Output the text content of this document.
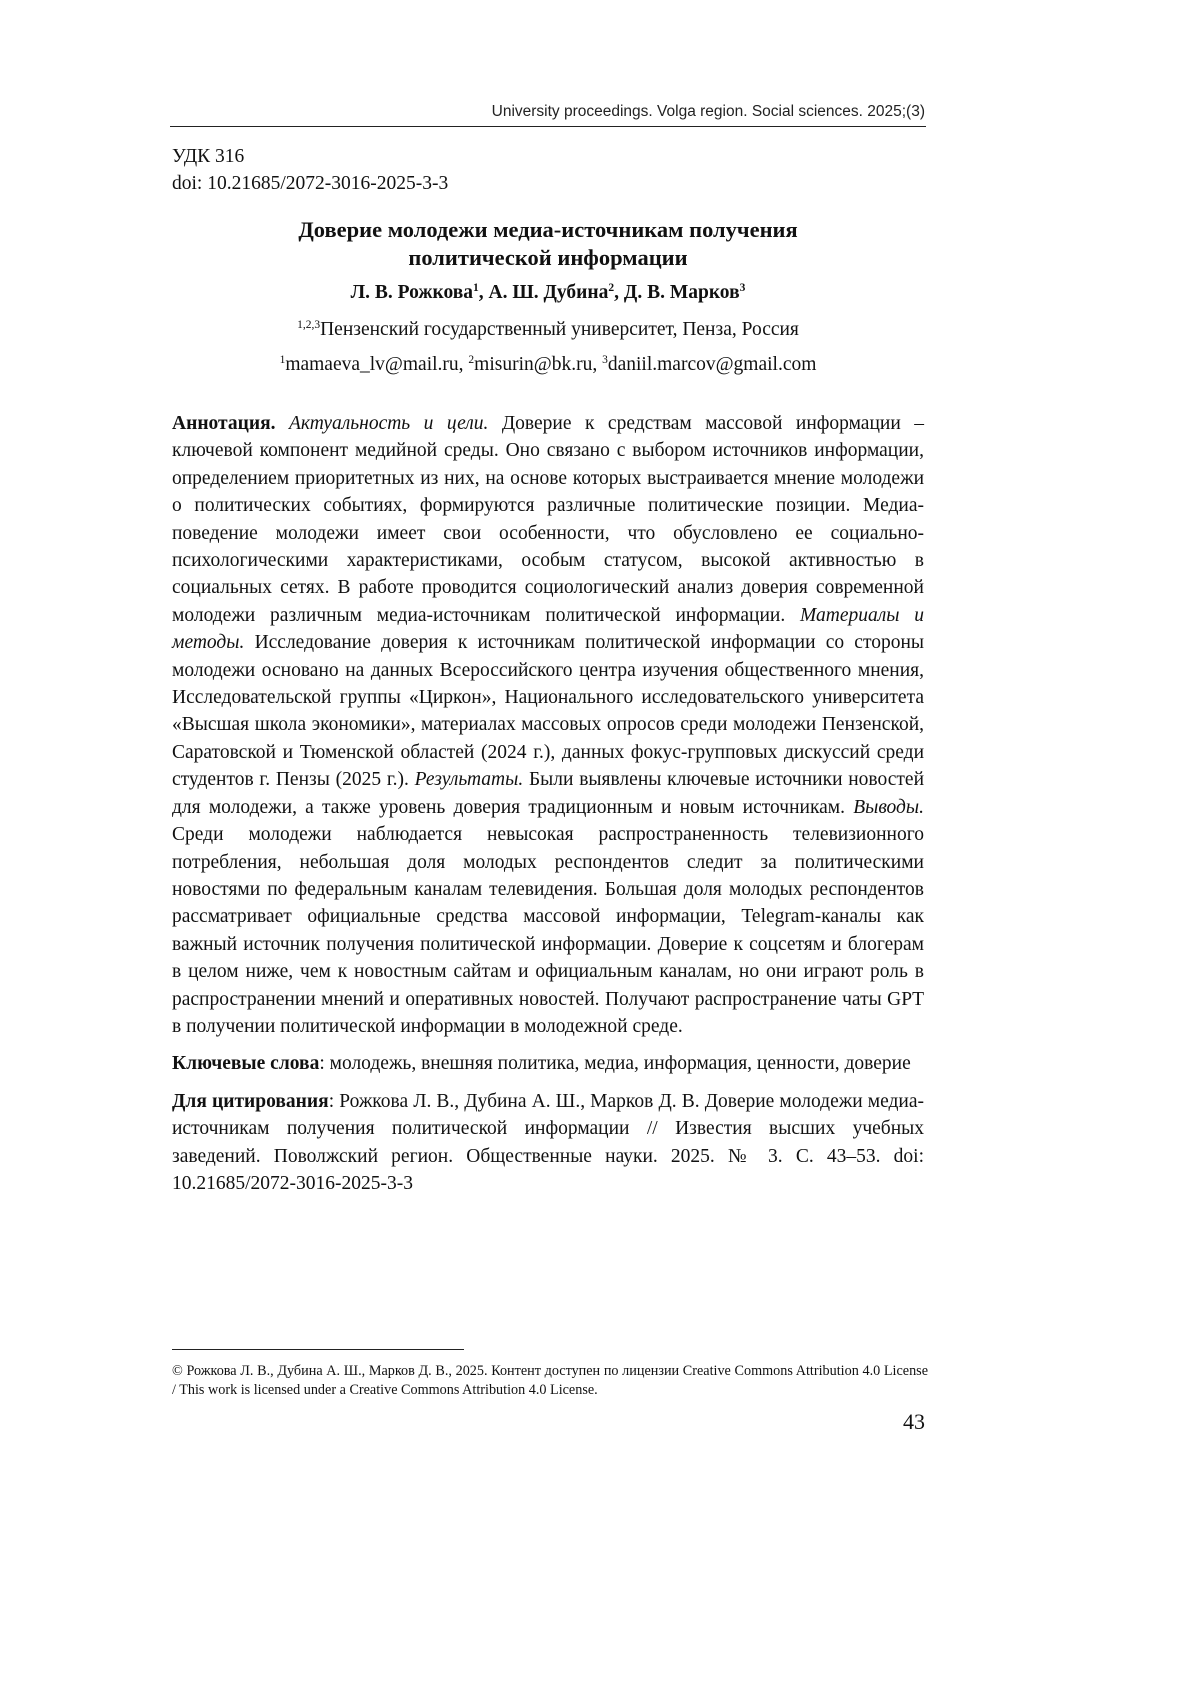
University proceedings. Volga region. Social sciences. 2025;(3)
УДК 316
doi: 10.21685/2072-3016-2025-3-3
Доверие молодежи медиа-источникам получения
политической информации
Л. В. Рожкова$^1$, А. Ш. Дубина$^2$, Д. В. Марков$^3$
$^{1,2,3}$Пензенский государственный университет, Пенза, Россия
$^1$mamaeva_lv@mail.ru, $^2$misurin@bk.ru, $^3$daniil.marcov@gmail.com

Аннотация. Актуальность и цели. Доверие к средствам массовой информации – ключевой компонент медийной среды. Оно связано с выбором источников информации, определением приоритетных из них, на основе которых выстраивается мнение молодежи о политических событиях, формируются различные политические позиции. Медиа-поведение молодежи имеет свои особенности, что обусловлено ее социально-психологическими характеристиками, особым статусом, высокой активностью в социальных сетях. В работе проводится социологический анализ доверия современной молодежи различным медиа-источникам политической информации. Материалы и методы. Исследование доверия к источникам политической информации со стороны молодежи основано на данных Всероссийского центра изучения общественного мнения, Исследовательской группы «Циркон», Национального исследовательского университета «Высшая школа экономики», материалах массовых опросов среди молодежи Пензенской, Саратовской и Тюменской областей (2024 г.), данных фокус-групповых дискуссий среди студентов г. Пензы (2025 г.). Результаты. Были выявлены ключевые источники новостей для молодежи, а также уровень доверия традиционным и новым источникам. Выводы. Среди молодежи наблюдается невысокая распространенность телевизионного потребления, небольшая доля молодых респондентов следит за политическими новостями по федеральным каналам телевидения. Большая доля молодых респондентов рассматривает официальные средства массовой информации, Telegram-каналы как важный источник получения политической информации. Доверие к соцсетям и блогерам в целом ниже, чем к новостным сайтам и официальным каналам, но они играют роль в распространении мнений и оперативных новостей. Получают распространение чаты GPT в получении политической информации в молодежной среде.

Ключевые слова: молодежь, внешняя политика, медиа, информация, ценности, доверие

Для цитирования: Рожкова Л. В., Дубина А. Ш., Марков Д. В. Доверие молодежи медиа-источникам получения политической информации // Известия высших учебных заведений. Поволжский регион. Общественные науки. 2025. № 3. С. 43–53. doi: 10.21685/2072-3016-2025-3-3

© Рожкова Л. В., Дубина А. Ш., Марков Д. В., 2025. Контент доступен по лицензии Creative Commons Attribution 4.0 License / This work is licensed under a Creative Commons Attribution 4.0 License.
43
